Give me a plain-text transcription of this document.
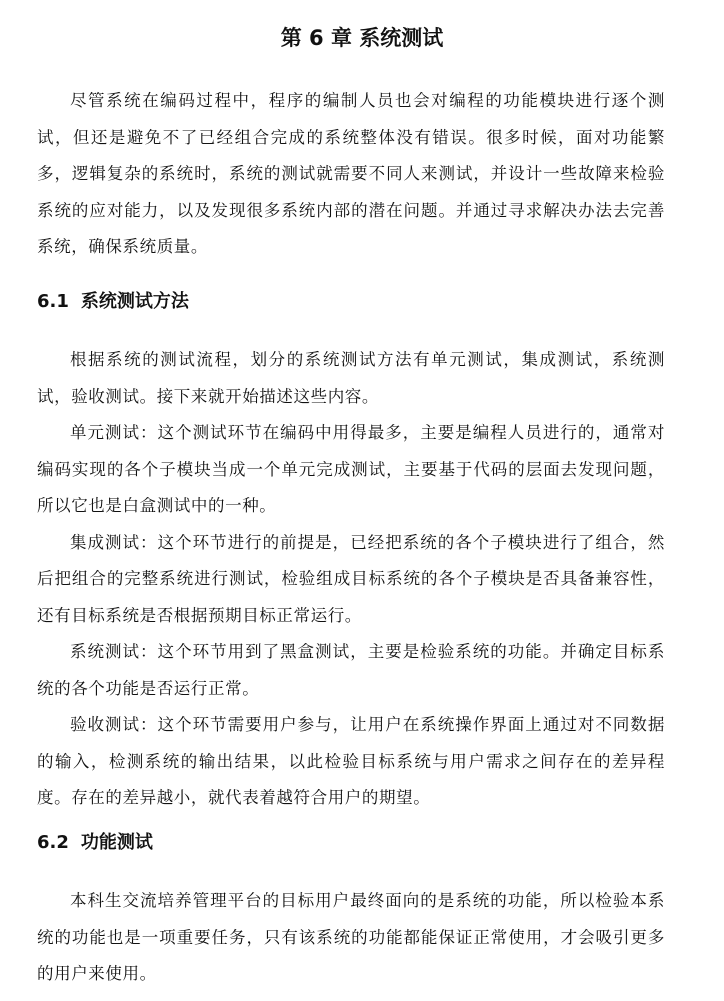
第 6 章 系统测试

尽管系统在编码过程中，程序的编制人员也会对编程的功能模块进行逐个测试，但还是避免不了已经组合完成的系统整体没有错误。很多时候，面对功能繁多，逻辑复杂的系统时，系统的测试就需要不同人来测试，并设计一些故障来检验系统的应对能力，以及发现很多系统内部的潜在问题。并通过寻求解决办法去完善系统，确保系统质量。

6.1 系统测试方法

根据系统的测试流程，划分的系统测试方法有单元测试，集成测试，系统测试，验收测试。接下来就开始描述这些内容。

单元测试：这个测试环节在编码中用得最多，主要是编程人员进行的，通常对编码实现的各个子模块当成一个单元完成测试，主要基于代码的层面去发现问题，所以它也是白盒测试中的一种。

集成测试：这个环节进行的前提是，已经把系统的各个子模块进行了组合，然后把组合的完整系统进行测试，检验组成目标系统的各个子模块是否具备兼容性，还有目标系统是否根据预期目标正常运行。

系统测试：这个环节用到了黑盒测试，主要是检验系统的功能。并确定目标系统的各个功能是否运行正常。

验收测试：这个环节需要用户参与，让用户在系统操作界面上通过对不同数据的输入，检测系统的输出结果，以此检验目标系统与用户需求之间存在的差异程度。存在的差异越小，就代表着越符合用户的期望。

6.2 功能测试

本科生交流培养管理平台的目标用户最终面向的是系统的功能，所以检验本系统的功能也是一项重要任务，只有该系统的功能都能保证正常使用，才会吸引更多的用户来使用。
